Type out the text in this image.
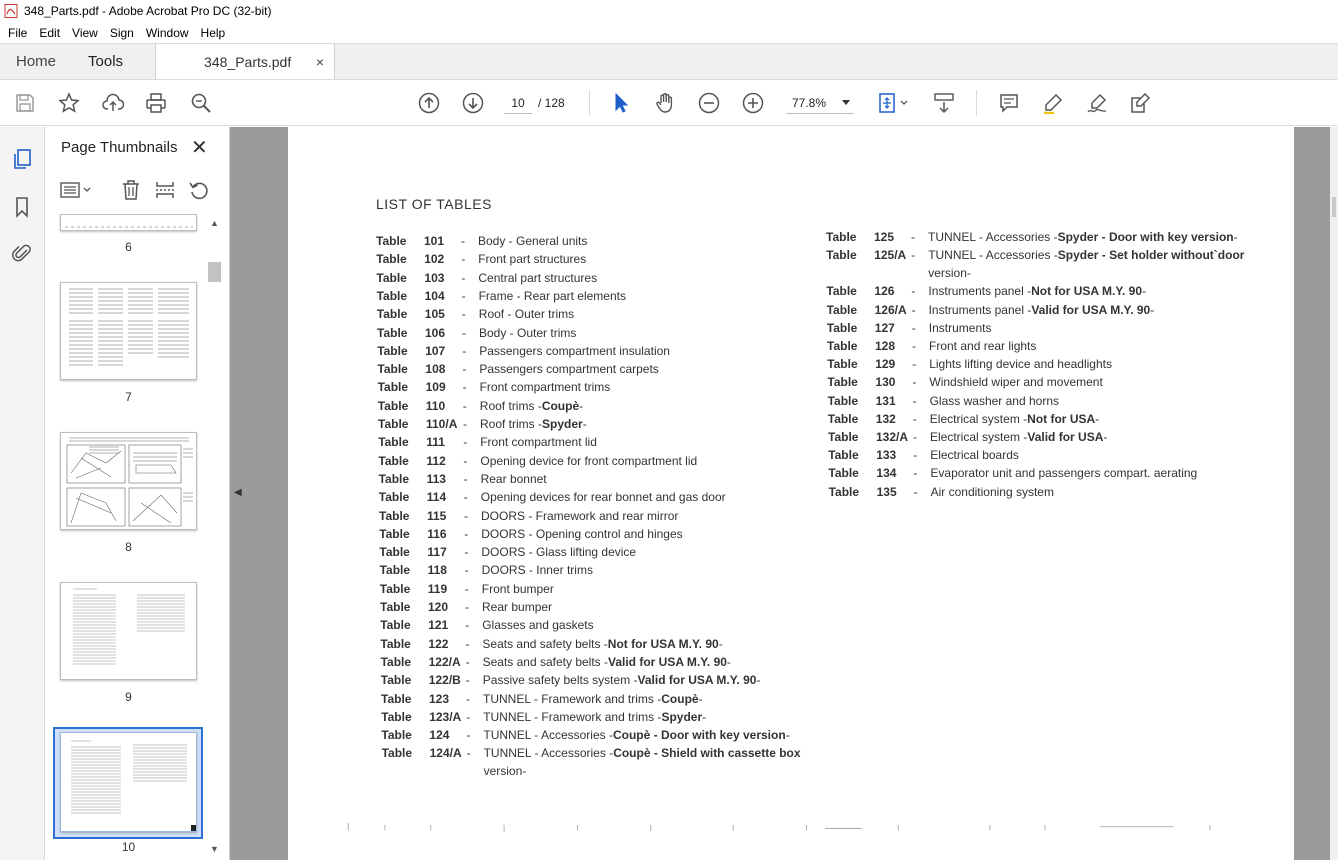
348_Parts.pdf - Adobe Acrobat Pro DC (32-bit)
File	Edit	View	Sign	Window	Help
Home	Tools	348_Parts.pdf ×
10
/ 128	77.8%
Page Thumbnails ✕
6
7
8
9
10
▲
▼
◀
LIST OF TABLES
Table 101 - Body - General units
Table 102 - Front part structures
Table 103 - Central part structures
Table 104 - Frame - Rear part elements
Table 105 - Roof - Outer trims
Table 106 - Body - Outer trims
Table 107 - Passengers compartment insulation
Table 108 - Passengers compartment carpets
Table 109 - Front compartment trims
Table 110 - Roof trims -Coupè-
Table 110/A - Roof trims -Spyder-
Table 111 - Front compartment lid
Table 112 - Opening device for front compartment lid
Table 113 - Rear bonnet
Table 114 - Opening devices for rear bonnet and gas door
Table 115 - DOORS - Framework and rear mirror
Table 116 - DOORS - Opening control and hinges
Table 117 - DOORS - Glass lifting device
Table 118 - DOORS - Inner trims
Table 119 - Front bumper
Table 120 - Rear bumper
Table 121 - Glasses and gaskets
Table 122 - Seats and safety belts -Not for USA M.Y. 90-
Table 122/A - Seats and safety belts -Valid for USA M.Y. 90-
Table 122/B - Passive safety belts system -Valid for USA M.Y. 90-
Table 123 - TUNNEL - Framework and trims -Coupè-
Table 123/A - TUNNEL - Framework and trims -Spyder-
Table 124 - TUNNEL - Accessories -Coupè - Door with key version-
Table 124/A - TUNNEL - Accessories -Coupè - Shield with cassette box
version-
Table 125 - TUNNEL - Accessories -Spyder - Door with key version-
Table 125/A - TUNNEL - Accessories -Spyder - Set holder without`door
version-
Table 126 - Instruments panel -Not for USA M.Y. 90-
Table 126/A - Instruments panel -Valid for USA M.Y. 90-
Table 127 - Instruments
Table 128 - Front and rear lights
Table 129 - Lights lifting device and headlights
Table 130 - Windshield wiper and movement
Table 131 - Glass washer and horns
Table 132 - Electrical system -Not for USA-
Table 132/A - Electrical system -Valid for USA-
Table 133 - Electrical boards
Table 134 - Evaporator unit and passengers compart. aerating
Table 135 - Air conditioning system
